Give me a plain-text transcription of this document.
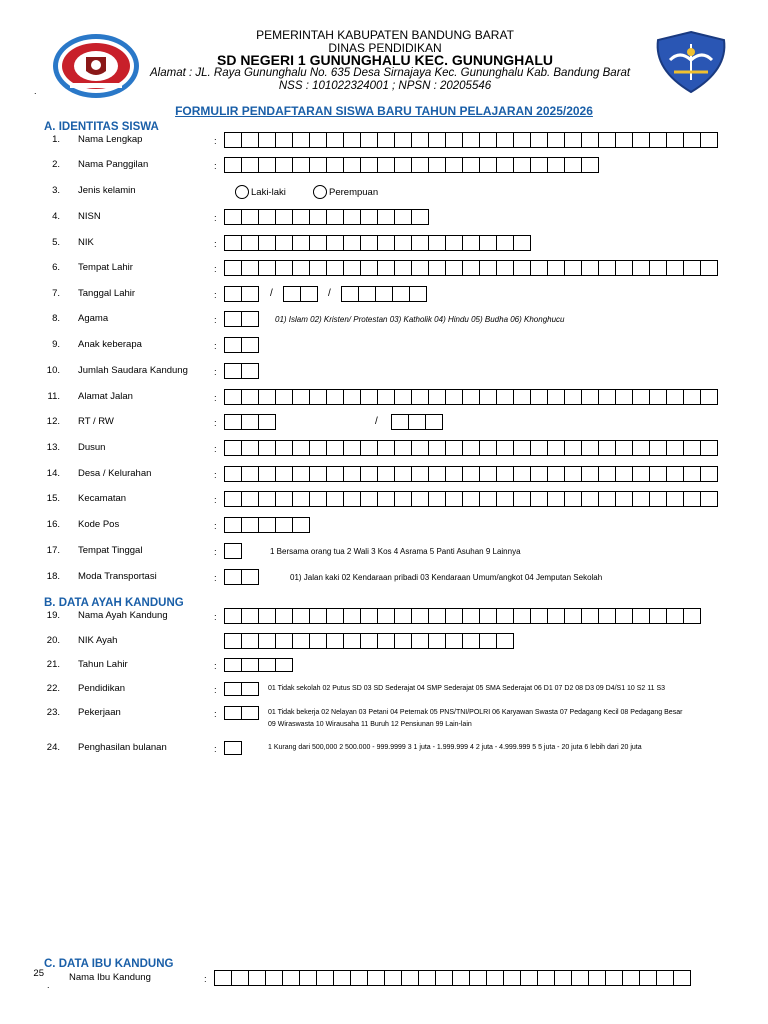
PEMERINTAH KABUPATEN BANDUNG BARAT
DINAS PENDIDIKAN
SD NEGERI 1 GUNUNGHALU KEC. GUNUNGHALU
Alamat : JL. Raya Gununghalu No. 635 Desa Sirnajaya Kec. Gununghalu Kab. Bandung Barat
NSS : 101022324001 ; NPSN : 20205546
FORMULIR PENDAFTARAN SISWA BARU TAHUN PELAJARAN 2025/2026
A. IDENTITAS SISWA
B. DATA AYAH KANDUNG
C. DATA IBU KANDUNG
1. Nama Lengkap	:
2. Nama Panggilan	:
3. Jenis kelamin	Laki-laki	Perempuan
4. NISN	:
5. NIK	:
6. Tempat Lahir	:
7. Tanggal Lahir	:	/	/
8. Agama	:	01) Islam 02) Kristen/ Protestan 03) Katholik 04) Hindu 05) Budha 06) Khonghucu
9. Anak keberapa	:
10. Jumlah Saudara Kandung	:
11. Alamat Jalan	:
12. RT / RW	:	/
13. Dusun	:
14. Desa / Kelurahan	:
15. Kecamatan	:
16. Kode Pos	:
17. Tempat Tinggal	:	1 Bersama orang tua 2 Wali 3 Kos 4 Asrama 5 Panti Asuhan 9 Lainnya
18. Moda Transportasi	:	01) Jalan kaki 02 Kendaraan pribadi 03 Kendaraan Umum/angkot 04 Jemputan Sekolah
19. Nama Ayah Kandung	:
20. NIK Ayah
21. Tahun Lahir	:
22. Pendidikan	:	01 Tidak sekolah 02 Putus SD 03 SD Sederajat 04 SMP Sederajat 05 SMA Sederajat 06 D1 07 D2 08 D3 09 D4/S1 10 S2 11 S3
23. Pekerjaan	:	01 Tidak bekerja 02 Nelayan 03 Petani 04 Peternak 05 PNS/TNI/POLRI 06 Karyawan Swasta 07 Pedagang Kecil 08 Pedagang Besar
09 Wiraswasta 10 Wirausaha 11 Buruh 12 Pensiunan 99 Lain-lain
24. Penghasilan bulanan	:	1 Kurang dari 500,000 2 500.000 - 999.9999 3 1 juta - 1.999.999 4 2 juta - 4.999.999 5 5 juta - 20 juta 6 lebih dari 20 juta
25	Nama Ibu Kandung	:
.
.
